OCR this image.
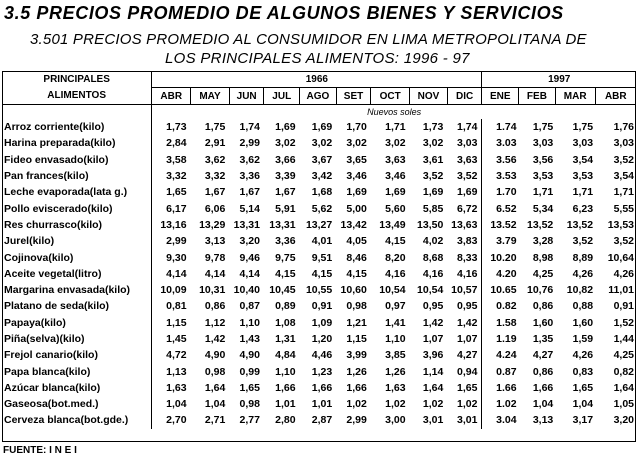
3.5 PRECIOS PROMEDIO DE ALGUNOS BIENES Y SERVICIOS
3.501 PRECIOS PROMEDIO AL CONSUMIDOR EN LIMA METROPOLITANA DE
LOS PRINCIPALES ALIMENTOS: 1996 - 97
PRINCIPALES	1966									1997			
ALIMENTOS	ABR	MAY	JUN	JUL	AGO	SET	OCT	NOV	DIC	ENE	FEB	MAR	ABR
	Nuevos soles												
Arroz corriente(kilo)	1,73	1,75	1,74	1,69	1,69	1,70	1,71	1,73	1,74	1.74	1,75	1,75	1,76
Harina preparada(kilo)	2,84	2,91	2,99	3,02	3,02	3,02	3,02	3,02	3,03	3.03	3,03	3,03	3,03
Fideo envasado(kilo)	3,58	3,62	3,62	3,66	3,67	3,65	3,63	3,61	3,63	3.56	3,56	3,54	3,52
Pan frances(kilo)	3,32	3,32	3,36	3,39	3,42	3,46	3,46	3,52	3,52	3.53	3,53	3,53	3,54
Leche evaporada(lata g.)	1,65	1,67	1,67	1,67	1,68	1,69	1,69	1,69	1,69	1.70	1,71	1,71	1,71
Pollo eviscerado(kilo)	6,17	6,06	5,14	5,91	5,62	5,00	5,60	5,85	6,72	6.52	5,34	6,23	5,55
Res churrasco(kilo)	13,16	13,29	13,31	13,31	13,27	13,42	13,49	13,50	13,63	13.52	13,52	13,52	13,53
Jurel(kilo)	2,99	3,13	3,20	3,36	4,01	4,05	4,15	4,02	3,83	3.79	3,28	3,52	3,52
Cojinova(kilo)	9,30	9,78	9,46	9,75	9,51	8,46	8,20	8,68	8,33	10.20	8,98	8,89	10,64
Aceite vegetal(litro)	4,14	4,14	4,14	4,15	4,15	4,15	4,16	4,16	4,16	4.20	4,25	4,26	4,26
Margarina envasada(kilo)	10,09	10,31	10,40	10,45	10,55	10,60	10,54	10,54	10,57	10.65	10,76	10,82	11,01
Platano de seda(kilo)	0,81	0,86	0,87	0,89	0,91	0,98	0,97	0,95	0,95	0.82	0,86	0,88	0,91
Papaya(kilo)	1,15	1,12	1,10	1,08	1,09	1,21	1,41	1,42	1,42	1.58	1,60	1,60	1,52
Piña(selva)(kilo)	1,45	1,42	1,43	1,31	1,20	1,15	1,10	1,07	1,07	1.19	1,35	1,59	1,44
Frejol canario(kilo)	4,72	4,90	4,90	4,84	4,46	3,99	3,85	3,96	4,27	4.24	4,27	4,26	4,25
Papa blanca(kilo)	1,13	0,98	0,99	1,10	1,23	1,26	1,26	1,14	0,94	0.87	0,86	0,83	0,82
Azúcar blanca(kilo)	1,63	1,64	1,65	1,66	1,66	1,66	1,63	1,64	1,65	1.66	1,66	1,65	1,64
Gaseosa(bot.med.)	1,04	1,04	0,98	1,01	1,01	1,02	1,02	1,02	1,02	1.02	1,04	1,04	1,05
Cerveza blanca(bot.gde.)	2,70	2,71	2,77	2,80	2,87	2,99	3,00	3,01	3,01	3.04	3,13	3,17	3,20
FUENTE: I N E I
